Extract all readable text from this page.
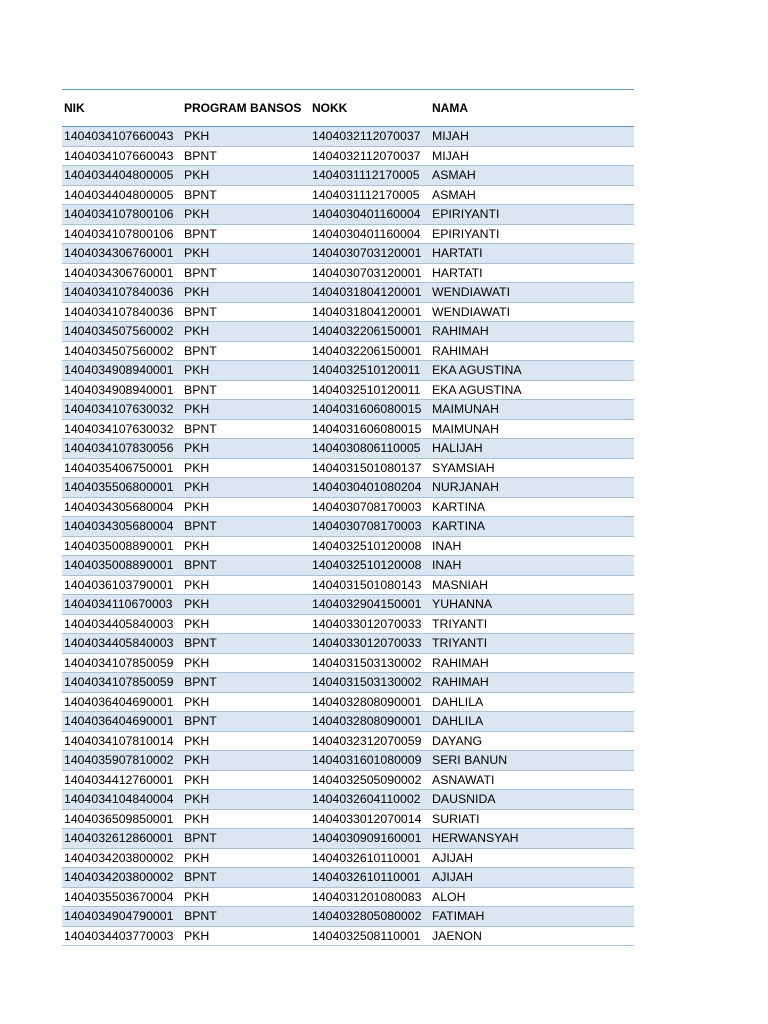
NIK	PROGRAM BANSOS NOKK	NAMA
1404034107660043 PKH	1404032112070037 MIJAH
1404034107660043 BPNT	1404032112070037 MIJAH
1404034404800005 PKH	1404031112170005	ASMAH
1404034404800005 BPNT	1404031112170005	ASMAH
1404034107800106 PKH	1404030401160004 EPIRIYANTI
1404034107800106 BPNT	1404030401160004 EPIRIYANTI
1404034306760001 PKH	1404030703120001 HARTATI
1404034306760001 BPNT	1404030703120001 HARTATI
1404034107840036 PKH	1404031804120001 WENDIAWATI
1404034107840036 BPNT	1404031804120001 WENDIAWATI
1404034507560002 PKH	1404032206150001 RAHIMAH
1404034507560002 BPNT	1404032206150001 RAHIMAH
1404034908940001 PKH	1404032510120011 EKA AGUSTINA
1404034908940001 BPNT	1404032510120011 EKA AGUSTINA
1404034107630032 PKH	1404031606080015 MAIMUNAH
1404034107630032 BPNT	1404031606080015 MAIMUNAH
1404034107830056 PKH	1404030806110005 HALIJAH
1404035406750001 PKH	1404031501080137 SYAMSIAH
1404035506800001 PKH	1404030401080204 NURJANAH
1404034305680004 PKH	1404030708170003 KARTINA
1404034305680004 BPNT	1404030708170003 KARTINA
1404035008890001 PKH	1404032510120008 INAH
1404035008890001 BPNT	1404032510120008 INAH
1404036103790001 PKH	1404031501080143 MASNIAH
1404034110670003 PKH	1404032904150001 YUHANNA
1404034405840003 PKH	1404033012070033 TRIYANTI
1404034405840003 BPNT	1404033012070033 TRIYANTI
1404034107850059 PKH	1404031503130002 RAHIMAH
1404034107850059 BPNT	1404031503130002 RAHIMAH
1404036404690001 PKH	1404032808090001 DAHLILA
1404036404690001 BPNT	1404032808090001 DAHLILA
1404034107810014 PKH	1404032312070059 DAYANG
1404035907810002 PKH	1404031601080009 SERI BANUN
1404034412760001 PKH	1404032505090002 ASNAWATI
1404034104840004 PKH	1404032604110002 DAUSNIDA
1404036509850001 PKH	1404033012070014 SURIATI
1404032612860001 BPNT	1404030909160001 HERWANSYAH
1404034203800002 PKH	1404032610110001 AJIJAH
1404034203800002 BPNT	1404032610110001 AJIJAH
1404035503670004 PKH	1404031201080083 ALOH
1404034904790001 BPNT	1404032805080002 FATIMAH
1404034403770003 PKH	1404032508110001 JAENON
